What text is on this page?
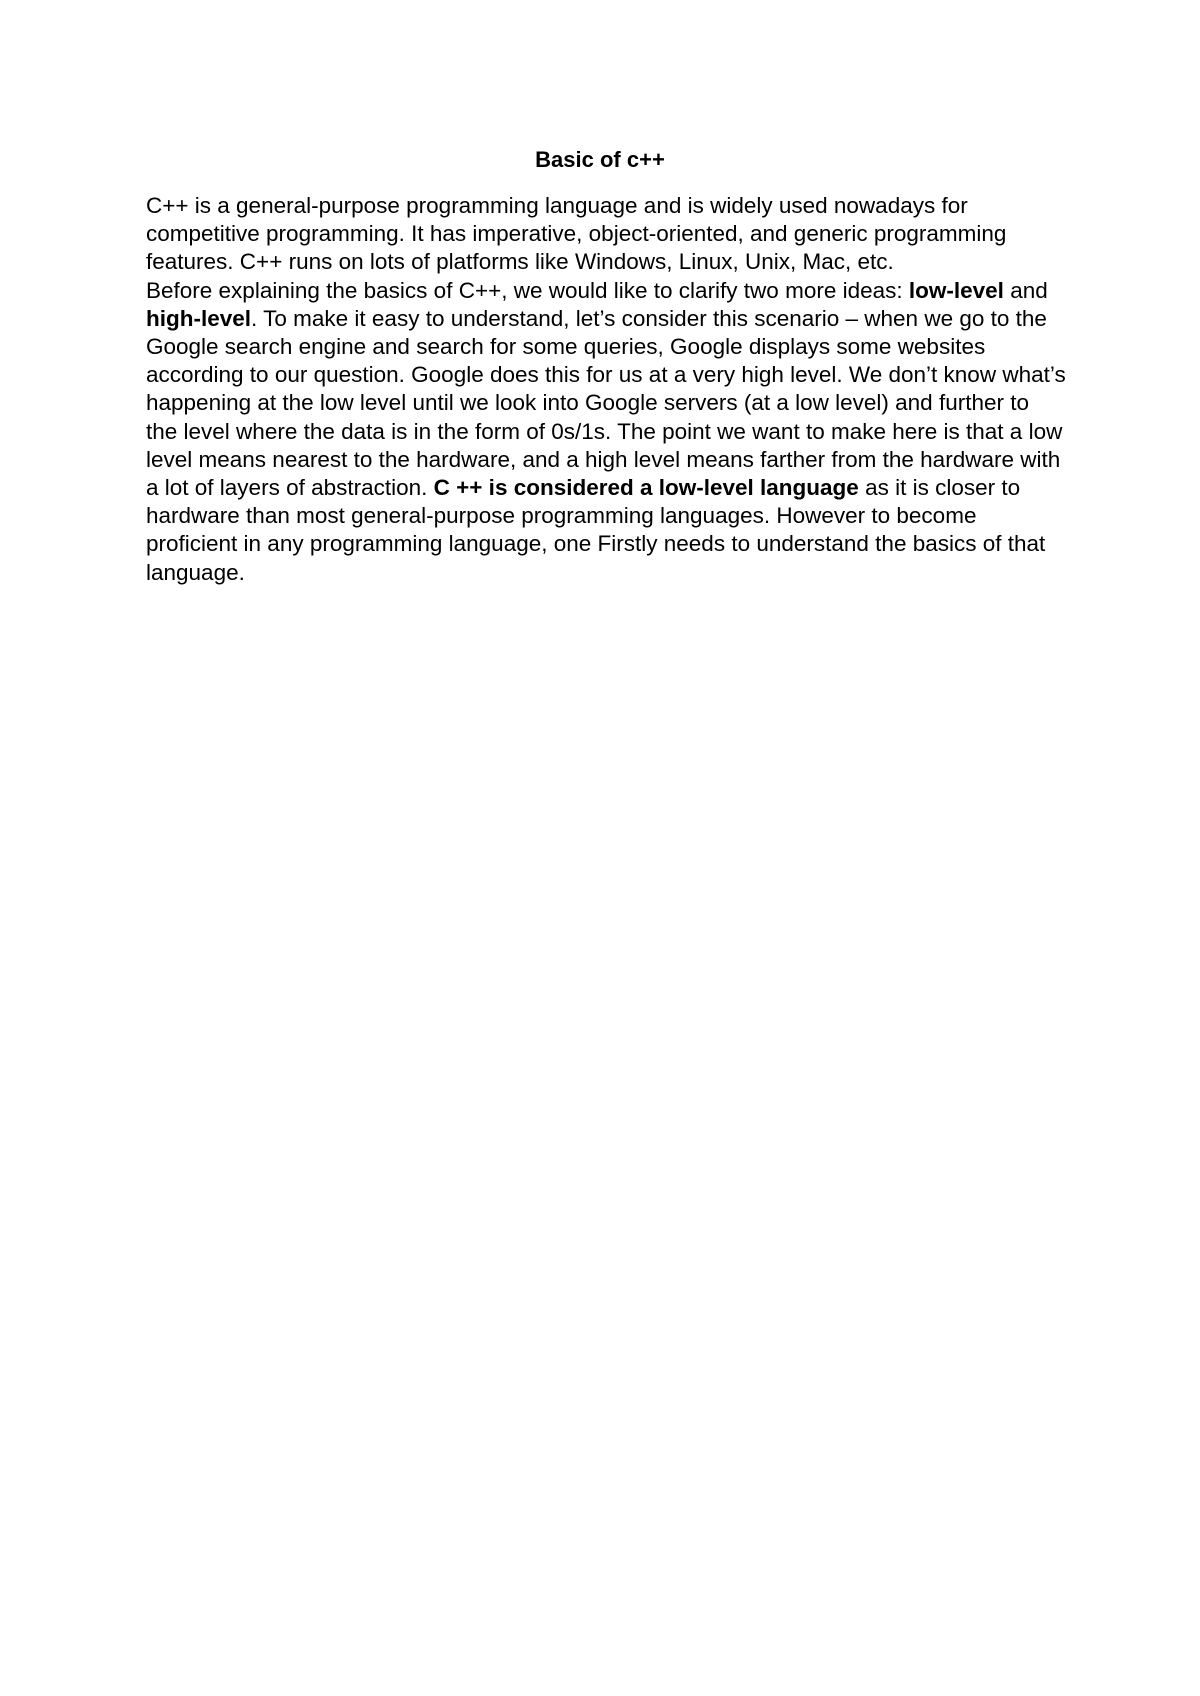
Basic of c++

C++ is a general-purpose programming language and is widely used nowadays for competitive programming. It has imperative, object-oriented, and generic programming features. C++ runs on lots of platforms like Windows, Linux, Unix, Mac, etc.

Before explaining the basics of C++, we would like to clarify two more ideas: low-level and high-level. To make it easy to understand, let’s consider this scenario – when we go to the Google search engine and search for some queries, Google displays some websites according to our question. Google does this for us at a very high level. We don’t know what’s happening at the low level until we look into Google servers (at a low level) and further to the level where the data is in the form of 0s/1s. The point we want to make here is that a low level means nearest to the hardware, and a high level means farther from the hardware with a lot of layers of abstraction. C ++ is considered a low-level language as it is closer to hardware than most general-purpose programming languages. However to become proficient in any programming language, one Firstly needs to understand the basics of that language.
